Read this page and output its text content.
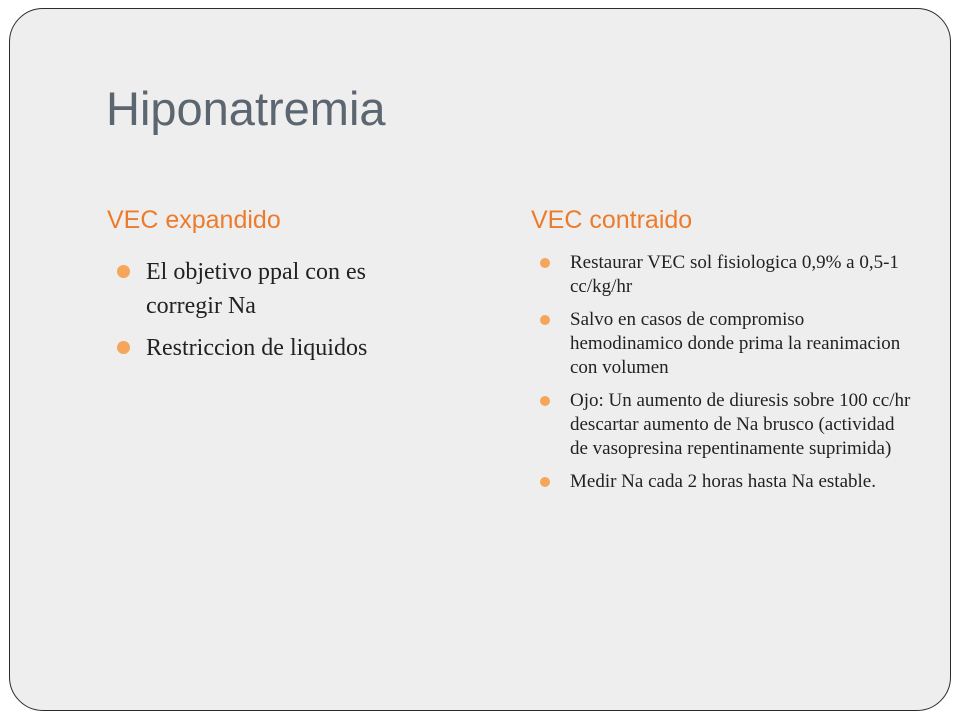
Hiponatremia
VEC expandido	VEC contraido
El objetivo ppal con es corregir Na
Restriccion de liquidos
Restaurar VEC sol fisiologica 0,9% a 0,5-1 cc/kg/hr
Salvo en casos de compromiso hemodinamico donde prima la reanimacion con volumen
Ojo: Un aumento de diuresis sobre 100 cc/hr descartar aumento de Na brusco (actividad de vasopresina repentinamente suprimida)
Medir Na cada 2 horas hasta Na estable.
